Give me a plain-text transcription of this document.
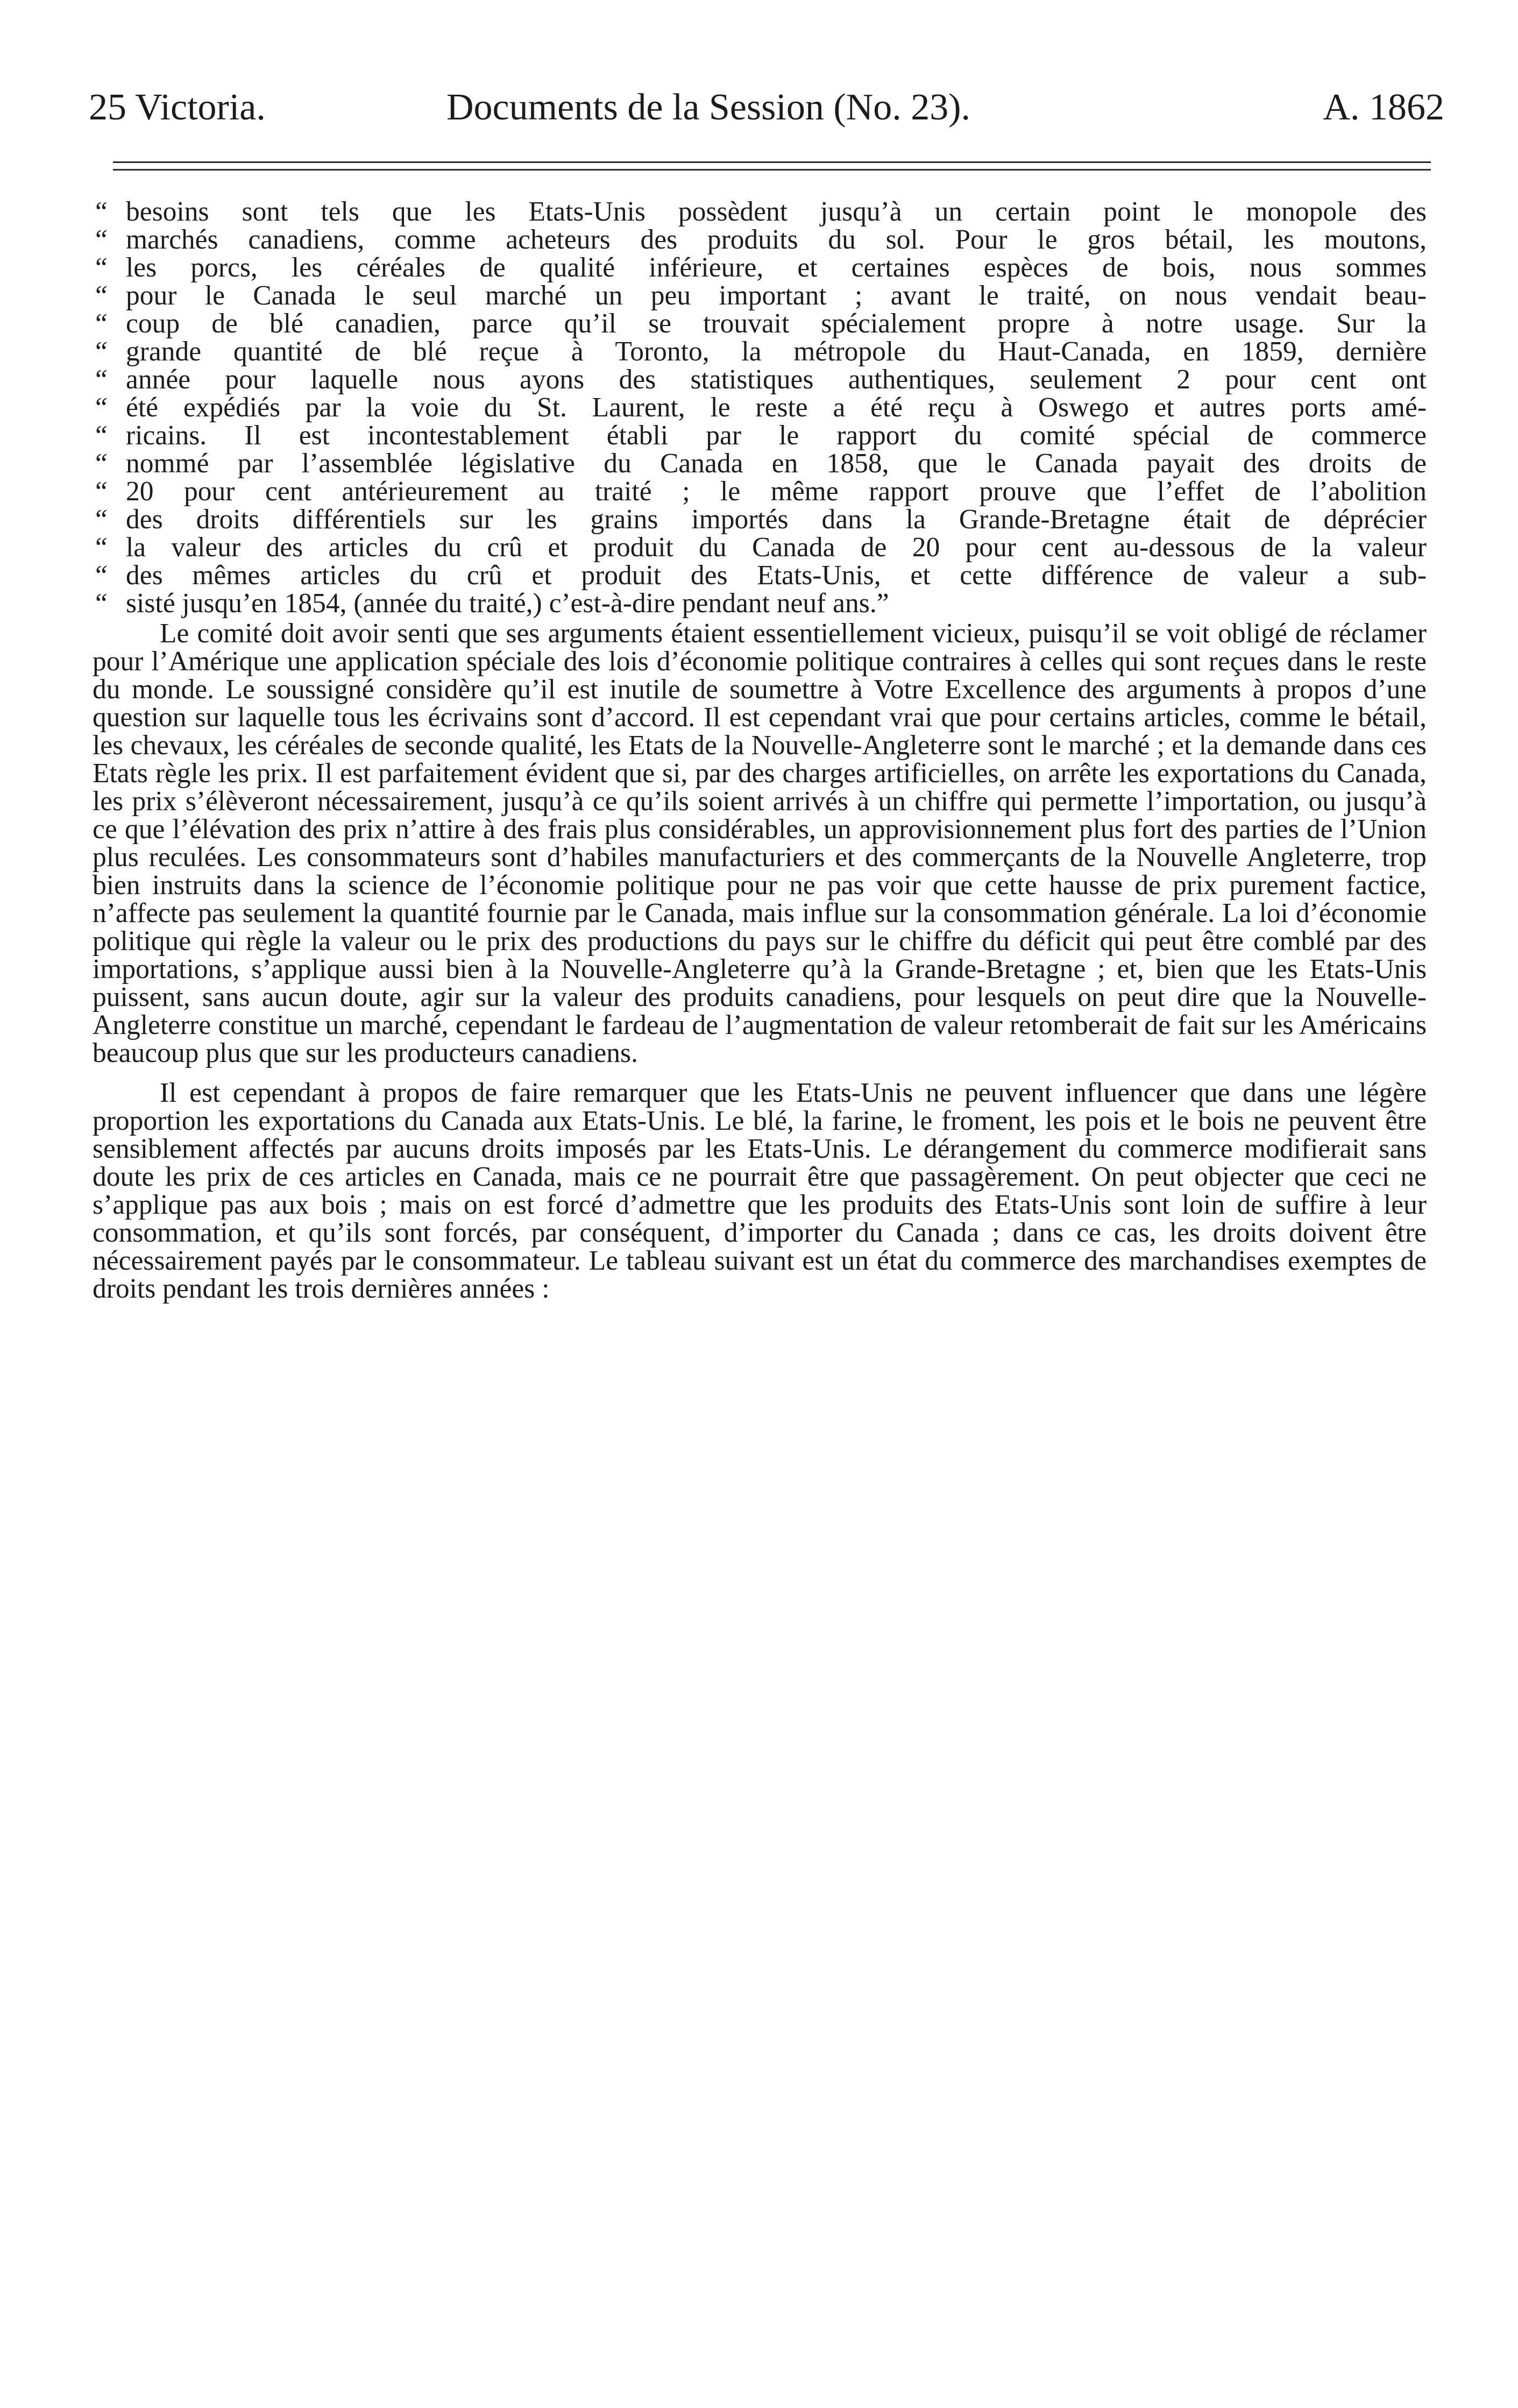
25 Victoria.	Documents de la Session (No. 23).	A. 1862
“ besoins sont tels que les Etats-Unis possèdent jusqu’à un certain point le monopole des
“ marchés canadiens, comme acheteurs des produits du sol. Pour le gros bétail, les moutons,
“ les porcs, les céréales de qualité inférieure, et certaines espèces de bois, nous sommes
“ pour le Canada le seul marché un peu important ; avant le traité, on nous vendait beau-
“ coup de blé canadien, parce qu’il se trouvait spécialement propre à notre usage. Sur la
“ grande quantité de blé reçue à Toronto, la métropole du Haut-Canada, en 1859, dernière
“ année pour laquelle nous ayons des statistiques authentiques, seulement 2 pour cent ont
“ été expédiés par la voie du St. Laurent, le reste a été reçu à Oswego et autres ports amé-
“ ricains. Il est incontestablement établi par le rapport du comité spécial de commerce
“ nommé par l’assemblée législative du Canada en 1858, que le Canada payait des droits de
“ 20 pour cent antérieurement au traité ; le même rapport prouve que l’effet de l’abolition
“ des droits différentiels sur les grains importés dans la Grande-Bretagne était de déprécier
“ la valeur des articles du crû et produit du Canada de 20 pour cent au-dessous de la valeur
“ des mêmes articles du crû et produit des Etats-Unis, et cette différence de valeur a sub-
“ sisté jusqu’en 1854, (année du traité,) c’est-à-dire pendant neuf ans.”

Le comité doit avoir senti que ses arguments étaient essentiellement vicieux, puisqu’il se voit obligé de réclamer pour l’Amérique une application spéciale des lois d’économie politique contraires à celles qui sont reçues dans le reste du monde. Le soussigné considère qu’il est inutile de soumettre à Votre Excellence des arguments à propos d’une question sur laquelle tous les écrivains sont d’accord. Il est cependant vrai que pour certains articles, comme le bétail, les chevaux, les céréales de seconde qualité, les Etats de la Nouvelle-Angleterre sont le marché ; et la demande dans ces Etats règle les prix. Il est parfaitement évident que si, par des charges artificielles, on arrête les exportations du Canada, les prix s’élèveront nécessairement, jusqu’à ce qu’ils soient arrivés à un chiffre qui permette l’importation, ou jusqu’à ce que l’élévation des prix n’attire à des frais plus considérables, un approvisionnement plus fort des parties de l’Union plus reculées. Les consommateurs sont d’habiles manufacturiers et des commerçants de la Nouvelle Angleterre, trop bien instruits dans la science de l’économie politique pour ne pas voir que cette hausse de prix purement factice, n’affecte pas seulement la quantité fournie par le Canada, mais influe sur la consommation générale. La loi d’économie politique qui règle la valeur ou le prix des productions du pays sur le chiffre du déficit qui peut être comblé par des importations, s’applique aussi bien à la Nouvelle-Angleterre qu’à la Grande-Bretagne ; et, bien que les Etats-Unis puissent, sans aucun doute, agir sur la valeur des produits canadiens, pour lesquels on peut dire que la Nouvelle-Angleterre constitue un marché, cependant le fardeau de l’augmentation de valeur retomberait de fait sur les Américains beaucoup plus que sur les producteurs canadiens.

Il est cependant à propos de faire remarquer que les Etats-Unis ne peuvent influencer que dans une légère proportion les exportations du Canada aux Etats-Unis. Le blé, la farine, le froment, les pois et le bois ne peuvent être sensiblement affectés par aucuns droits imposés par les Etats-Unis. Le dérangement du commerce modifierait sans doute les prix de ces articles en Canada, mais ce ne pourrait être que passagèrement. On peut objecter que ceci ne s’applique pas aux bois ; mais on est forcé d’admettre que les produits des Etats-Unis sont loin de suffire à leur consommation, et qu’ils sont forcés, par conséquent, d’importer du Canada ; dans ce cas, les droits doivent être nécessairement payés par le consommateur. Le tableau suivant est un état du commerce des marchandises exemptes de droits pendant les trois dernières années :
